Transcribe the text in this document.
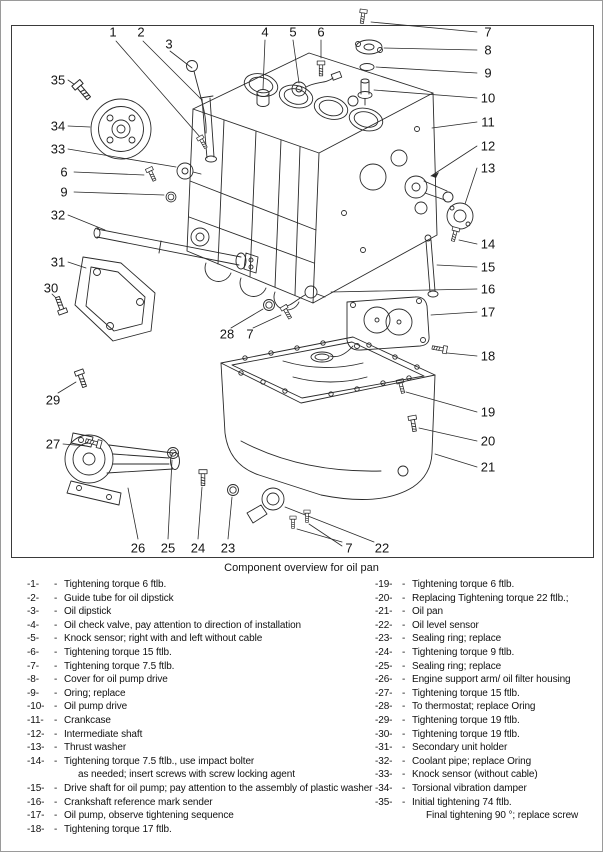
1 2
3
4 5 6	7
8
9
10
11
12
13
14
15
16
17
18
19
20
21
35
34
33
6
9
32
31
30
29
27
28 7
26 25 24 23	7 22
Component overview for oil pan
-1-	- Tightening torque 6 ftlb.
-2-	- Guide tube for oil dipstick
-3-	- Oil dipstick
-4-	- Oil check valve, pay attention to direction of installation
-5-	- Knock sensor; right with and left without cable
-6-	- Tightening torque 15 ftlb.
-7-	- Tightening torque 7.5 ftlb.
-8-	- Cover for oil pump drive
-9-	- Oring; replace
-10- - Oil pump drive
-11-	- Crankcase
-12- - Intermediate shaft
-13- - Thrust washer
-14- - Tightening torque 7.5 ftlb., use impact bolter
as needed; insert screws with screw locking agent
-15- - Drive shaft for oil pump; pay attention to the assembly of plastic washer
-16- - Crankshaft reference mark sender
-17- - Oil pump, observe tightening sequence
-18- - Tightening torque 17 ftlb.
-19- - Tightening torque 6 ftlb.
-20- - Replacing Tightening torque 22 ftlb.;
-21- - Oil pan
-22- - Oil level sensor
-23- - Sealing ring; replace
-24- - Tightening torque 9 ftlb.
-25- - Sealing ring; replace
-26- - Engine support arm/ oil filter housing
-27- - Tightening torque 15 ftlb.
-28- - To thermostat; replace Oring
-29- - Tightening torque 19 ftlb.
-30- - Tightening torque 19 ftlb.
-31- - Secondary unit holder
-32- - Coolant pipe; replace Oring
-33- - Knock sensor (without cable)
-34- - Torsional vibration damper
-35- - Initial tightening 74 ftlb.
Final tightening 90 °; replace screw
